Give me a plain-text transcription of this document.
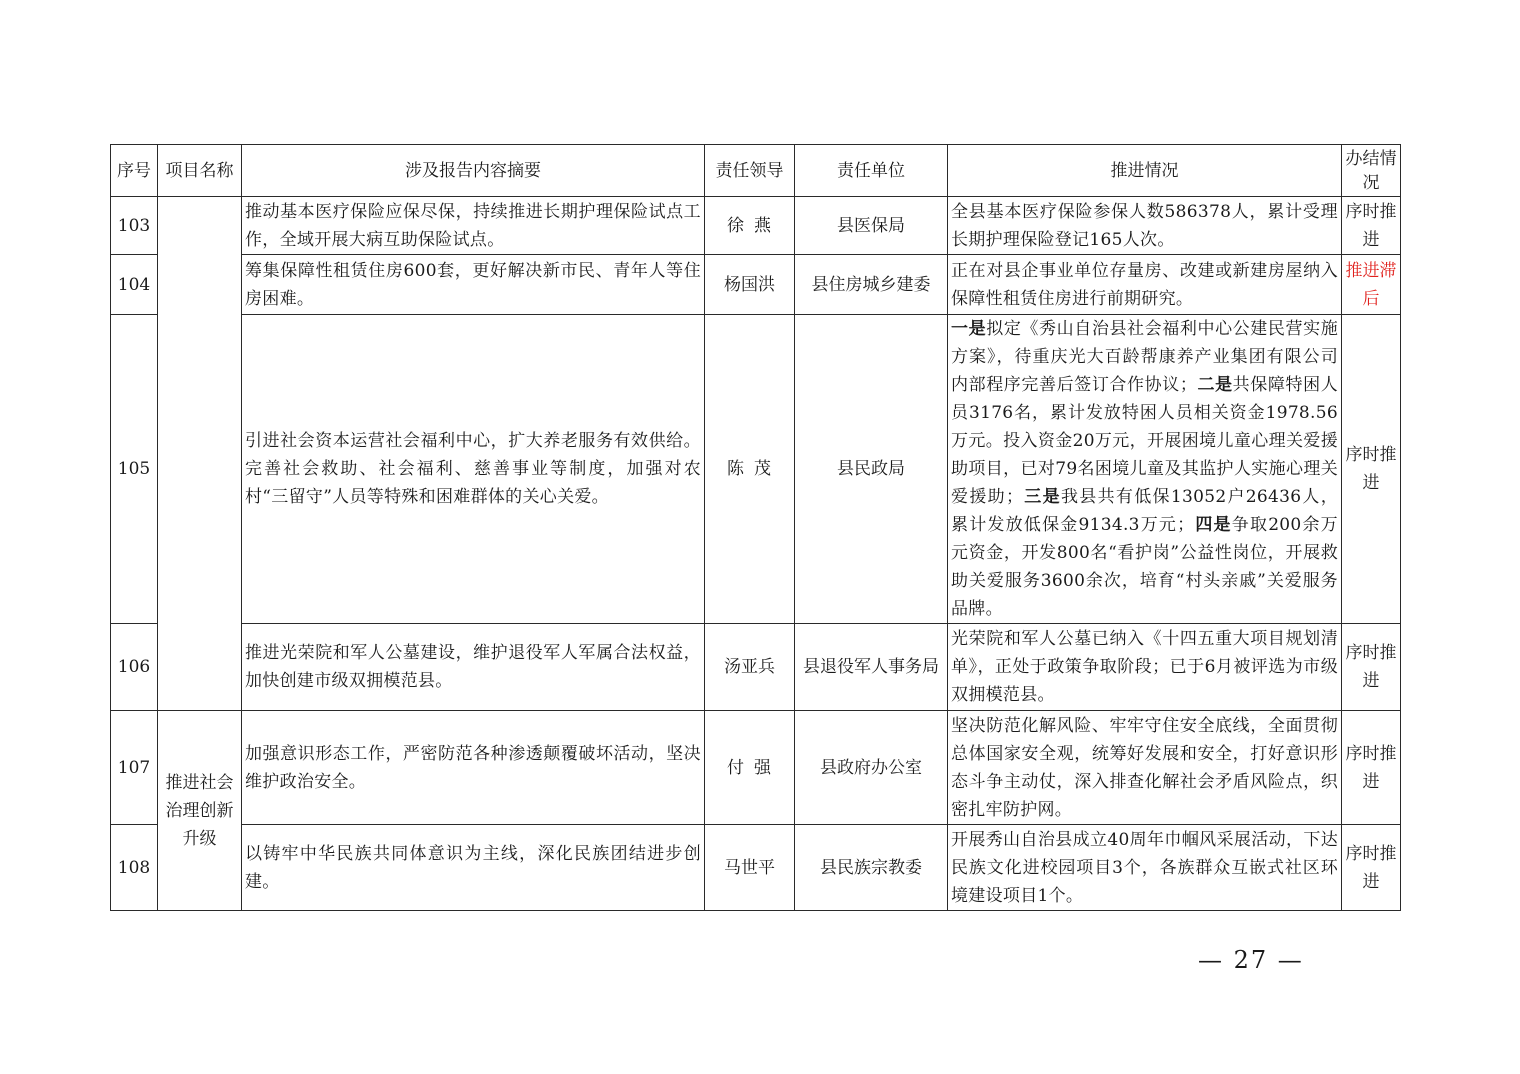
序号	项目名称	涉及报告内容摘要	责任领导	责任单位	推进情况	办结情况
103		推动基本医疗保险应保尽保，持续推进长期护理保险试点工作，全域开展大病互助保险试点。	徐燕	县医保局	全县基本医疗保险参保人数586378人，累计受理长期护理保险登记165人次。	序时推进
104		筹集保障性租赁住房600套，更好解决新市民、青年人等住房困难。	杨国洪	县住房城乡建委	正在对县企事业单位存量房、改建或新建房屋纳入保障性租赁住房进行前期研究。	推进滞后
105		引进社会资本运营社会福利中心，扩大养老服务有效供给。完善社会救助、社会福利、慈善事业等制度，加强对农村“三留守”人员等特殊和困难群体的关心关爱。	陈茂	县民政局	一是拟定《秀山自治县社会福利中心公建民营实施方案》，待重庆光大百龄帮康养产业集团有限公司内部程序完善后签订合作协议；二是共保障特困人员3176名，累计发放特困人员相关资金1978.56万元。投入资金20万元，开展困境儿童心理关爱援助项目，已对79名困境儿童及其监护人实施心理关爱援助；三是我县共有低保13052户26436人，累计发放低保金9134.3万元；四是争取200余万元资金，开发800名“看护岗”公益性岗位，开展救助关爱服务3600余次，培育“村头亲戚”关爱服务品牌。	序时推进
106		推进光荣院和军人公墓建设，维护退役军人军属合法权益，加快创建市级双拥模范县。	汤亚兵	县退役军人事务局	光荣院和军人公墓已纳入《十四五重大项目规划清单》，正处于政策争取阶段；已于6月被评选为市级双拥模范县。	序时推进
107	推进社会治理创新升级	加强意识形态工作，严密防范各种渗透颠覆破坏活动，坚决维护政治安全。	付强	县政府办公室	坚决防范化解风险、牢牢守住安全底线，全面贯彻总体国家安全观，统筹好发展和安全，打好意识形态斗争主动仗，深入排查化解社会矛盾风险点，织密扎牢防护网。	序时推进
108		以铸牢中华民族共同体意识为主线，深化民族团结进步创建。	马世平	县民族宗教委	开展秀山自治县成立40周年巾帼风采展活动，下达民族文化进校园项目3个，各族群众互嵌式社区环境建设项目1个。	序时推进
— 27 —
